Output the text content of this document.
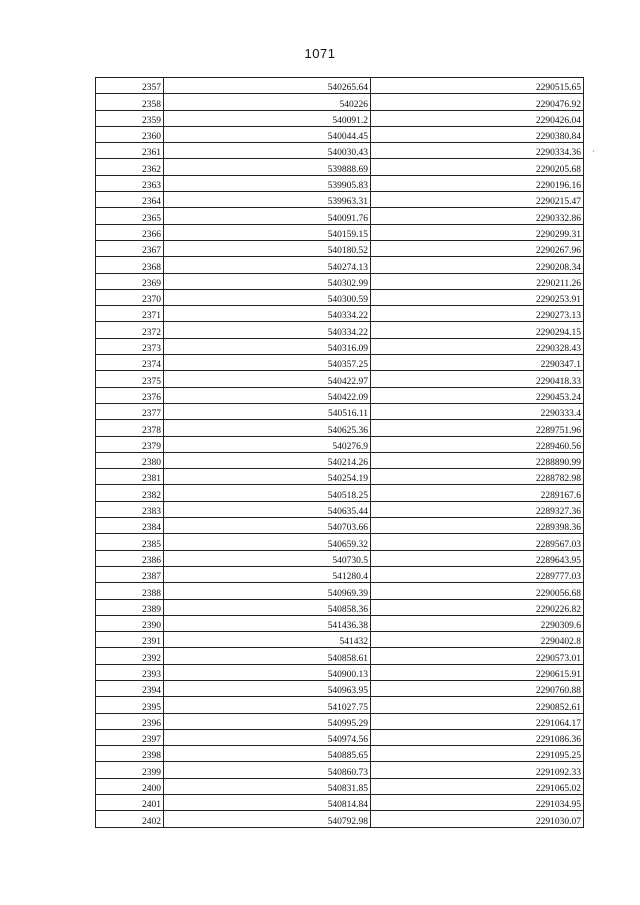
1071
2357	540265.64	2290515.65
2358	540226	2290476.92
2359	540091.2	2290426.04
2360	540044.45	2290380.84
2361	540030.43	2290334.36
2362	539888.69	2290205.68
2363	539905.83	2290196.16
2364	539963.31	2290215.47
2365	540091.76	2290332.86
2366	540159.15	2290299.31
2367	540180.52	2290267.96
2368	540274.13	2290208.34
2369	540302.99	2290211.26
2370	540300.59	2290253.91
2371	540334.22	2290273.13
2372	540334.22	2290294.15
2373	540316.09	2290328.43
2374	540357.25	2290347.1
2375	540422.97	2290418.33
2376	540422.09	2290453.24
2377	540516.11	2290333.4
2378	540625.36	2289751.96
2379	540276.9	2289460.56
2380	540214.26	2288890.99
2381	540254.19	2288782.98
2382	540518.25	2289167.6
2383	540635.44	2289327.36
2384	540703.66	2289398.36
2385	540659.32	2289567.03
2386	540730.5	2289643.95
2387	541280.4	2289777.03
2388	540969.39	2290056.68
2389	540858.36	2290226.82
2390	541436.38	2290309.6
2391	541432	2290402.8
2392	540858.61	2290573.01
2393	540900.13	2290615.91
2394	540963.95	2290760.88
2395	541027.75	2290852.61
2396	540995.29	2291064.17
2397	540974.56	2291086.36
2398	540885.65	2291095.25
2399	540860.73	2291092.33
2400	540831.85	2291065.02
2401	540814.84	2291034.95
2402	540792.98	2291030.07
·
